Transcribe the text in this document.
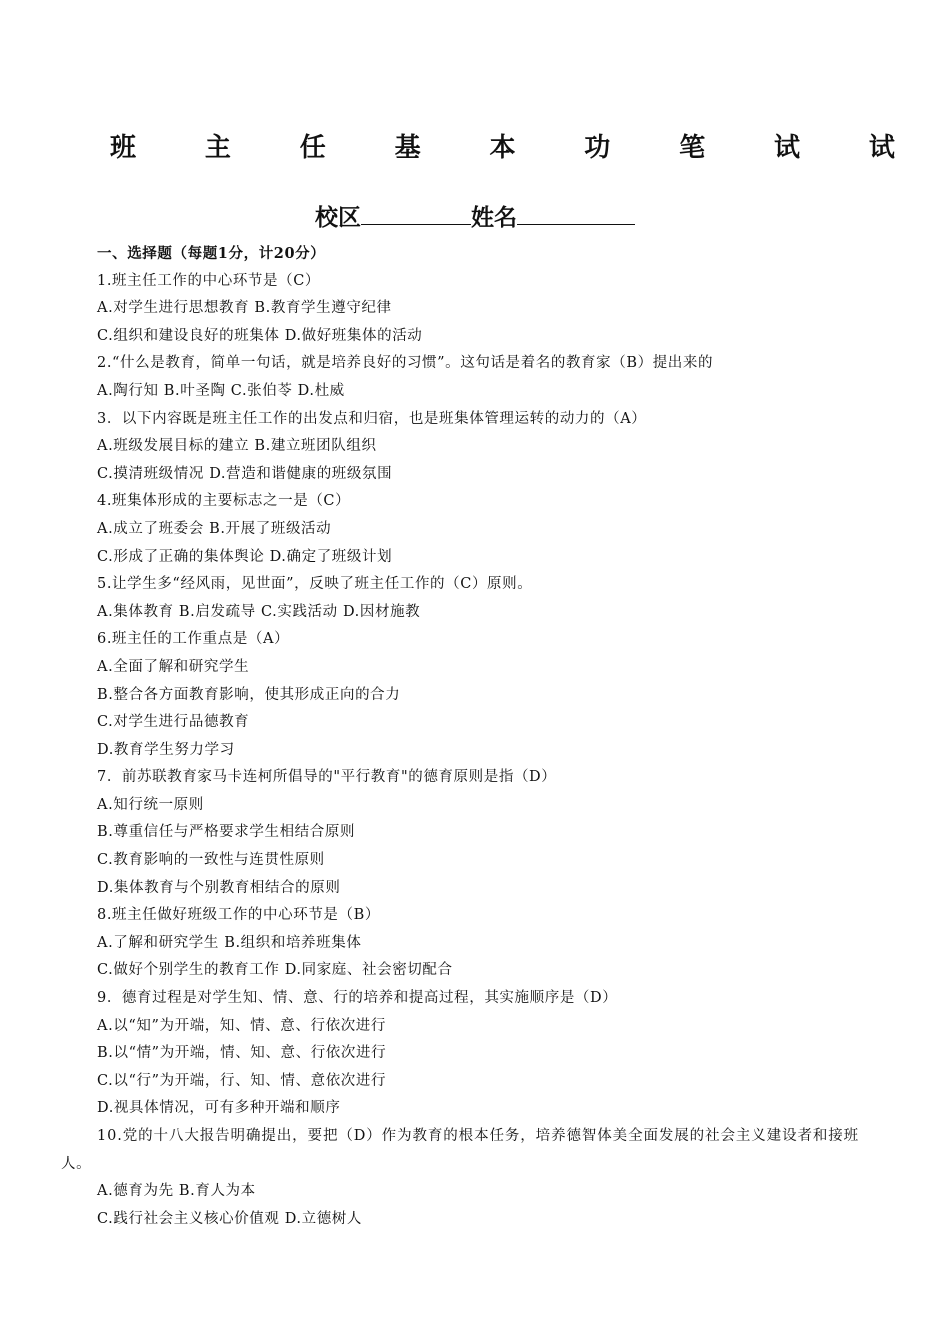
班	主	任	基	本	功	笔	试	试
校区	姓名
一、选择题（每题1分，计20分）
1.班主任工作的中心环节是（C）
A.对学生进行思想教育 B.教育学生遵守纪律
C.组织和建设良好的班集体 D.做好班集体的活动
2.“什么是教育，简单一句话，就是培养良好的习惯”。这句话是着名的教育家（B）提出来的
A.陶行知 B.叶圣陶 C.张伯苓 D.杜威
3．以下内容既是班主任工作的出发点和归宿，也是班集体管理运转的动力的（A）
A.班级发展目标的建立 B.建立班团队组织
C.摸清班级情况 D.营造和谐健康的班级氛围
4.班集体形成的主要标志之一是（C）
A.成立了班委会 B.开展了班级活动
C.形成了正确的集体舆论 D.确定了班级计划
5.让学生多“经风雨，见世面”，反映了班主任工作的（C）原则。
A.集体教育 B.启发疏导 C.实践活动 D.因材施教
6.班主任的工作重点是（A）
A.全面了解和研究学生
B.整合各方面教育影响，使其形成正向的合力
C.对学生进行品德教育
D.教育学生努力学习
7．前苏联教育家马卡连柯所倡导的"平行教育"的德育原则是指（D）
A.知行统一原则
B.尊重信任与严格要求学生相结合原则
C.教育影响的一致性与连贯性原则
D.集体教育与个别教育相结合的原则
8.班主任做好班级工作的中心环节是（B）
A.了解和研究学生 B.组织和培养班集体
C.做好个别学生的教育工作 D.同家庭、社会密切配合
9．德育过程是对学生知、情、意、行的培养和提高过程，其实施顺序是（D）
A.以“知”为开端，知、情、意、行依次进行
B.以“情”为开端，情、知、意、行依次进行
C.以“行”为开端，行、知、情、意依次进行
D.视具体情况，可有多种开端和顺序
10.党的十八大报告明确提出，要把（D）作为教育的根本任务，培养德智体美全面发展的社会主义建设者和接班
人。
A.德育为先 B.育人为本
C.践行社会主义核心价值观 D.立德树人
